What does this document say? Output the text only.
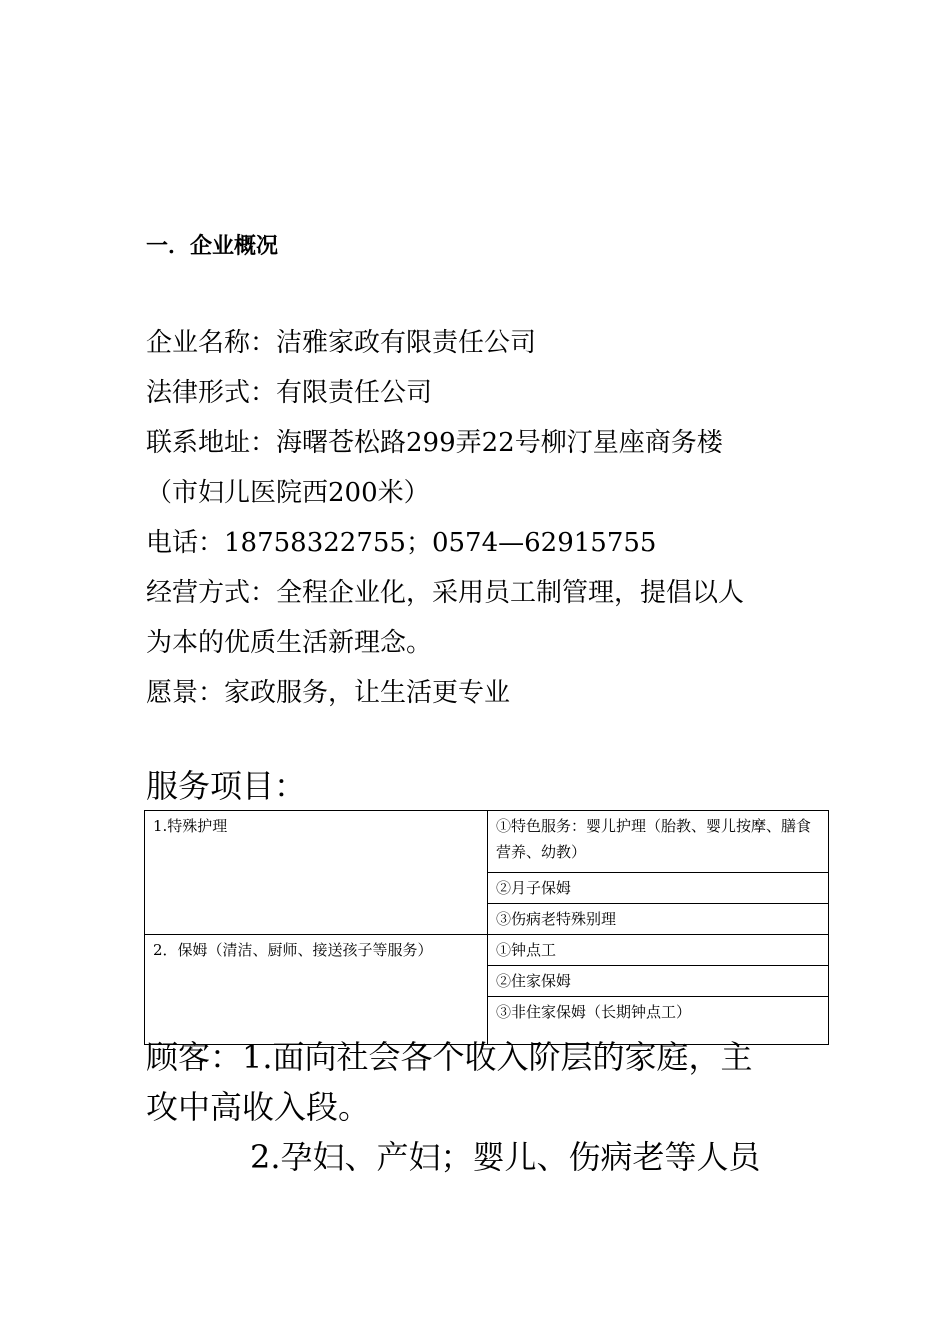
一．企业概况
企业名称：洁雅家政有限责任公司
法律形式：有限责任公司
联系地址：海曙苍松路299弄22号柳汀星座商务楼
（市妇儿医院西200米）
电话：18758322755；0574—62915755
经营方式：全程企业化，采用员工制管理，提倡以人
为本的优质生活新理念。
愿景：家政服务，让生活更专业
服务项目：
1.特殊护理	①特色服务：婴儿护理（胎教、婴儿按摩、膳食营养、幼教）
	②月子保姆
	③伤病老特殊别理
2．保姆（清洁、厨师、接送孩子等服务）	①钟点工
	②住家保姆
	③非住家保姆（长期钟点工）
顾客：1.面向社会各个收入阶层的家庭，主
攻中高收入段。
2.孕妇、产妇；婴儿、伤病老等人员
